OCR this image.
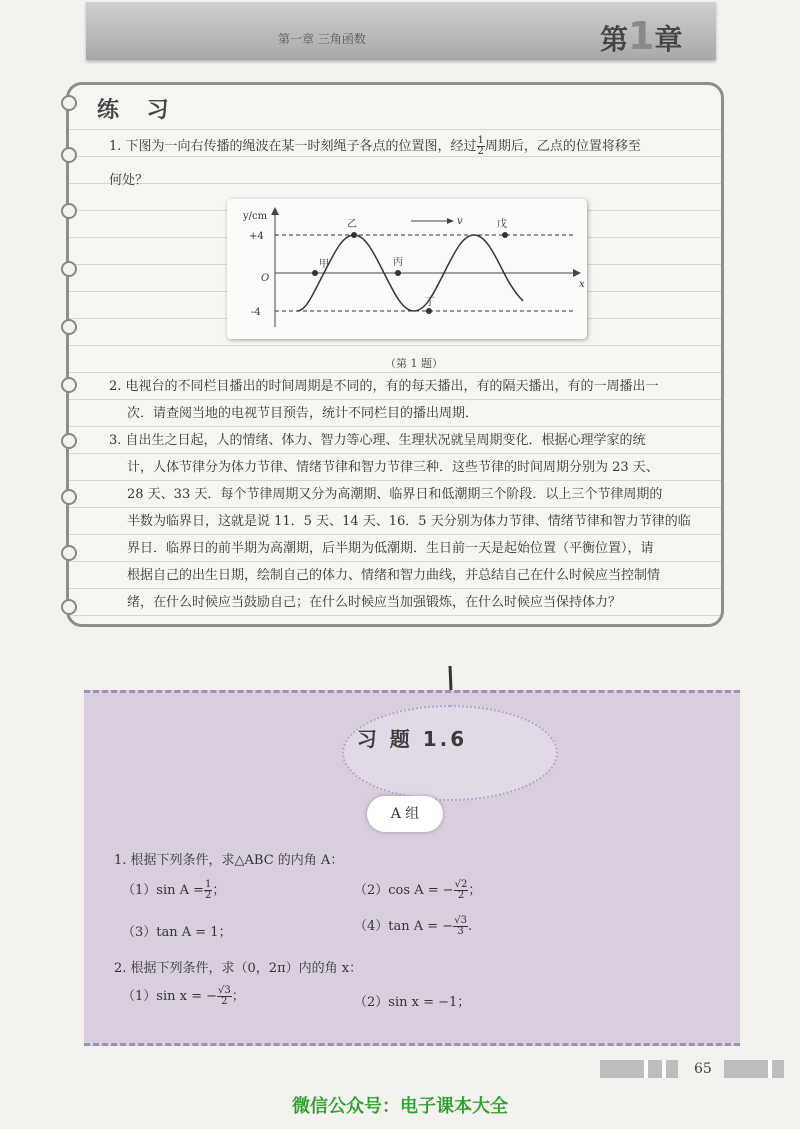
第一章 三角函数	第1章
练 习
1. 下图为一向右传播的绳波在某一时刻绳子各点的位置图，经过 $\frac{1}{2}$ 周期后，乙点的位置将移至
何处？
y/cm
x
O
+4
-4
v
甲
乙
丙
丁
戊
（第 1 题）
2. 电视台的不同栏目播出的时间周期是不同的，有的每天播出，有的隔天播出，有的一周播出一
次．请查阅当地的电视节目预告，统计不同栏目的播出周期．
3. 自出生之日起，人的情绪、体力、智力等心理、生理状况就呈周期变化．根据心理学家的统
计，人体节律分为体力节律、情绪节律和智力节律三种．这些节律的时间周期分别为 23 天、
28 天、33 天．每个节律周期又分为高潮期、临界日和低潮期三个阶段．以上三个节律周期的
半数为临界日，这就是说 11．5 天、14 天、16．5 天分别为体力节律、情绪节律和智力节律的临
界日．临界日的前半期为高潮期，后半期为低潮期．生日前一天是起始位置（平衡位置），请
根据自己的出生日期，绘制自己的体力、情绪和智力曲线，并总结自己在什么时候应当控制情
绪，在什么时候应当鼓励自己；在什么时候应当加强锻炼，在什么时候应当保持体力？
习 题 1.6
A 组
1. 根据下列条件，求△ABC 的内角 A：
（1）sin $A = \frac{1}{2}$ ；	（2）cos A = − $\frac{√2}{2}$ ；
（3）tan A = 1；	（4）tan A = − $\frac{√3}{3}$ .
2. 根据下列条件，求（0，2π）内的角 x：
（1）sin x = − $\frac{√3}{2}$ ；	（2）sin x = −1；
65
微信公众号：电子课本大全
